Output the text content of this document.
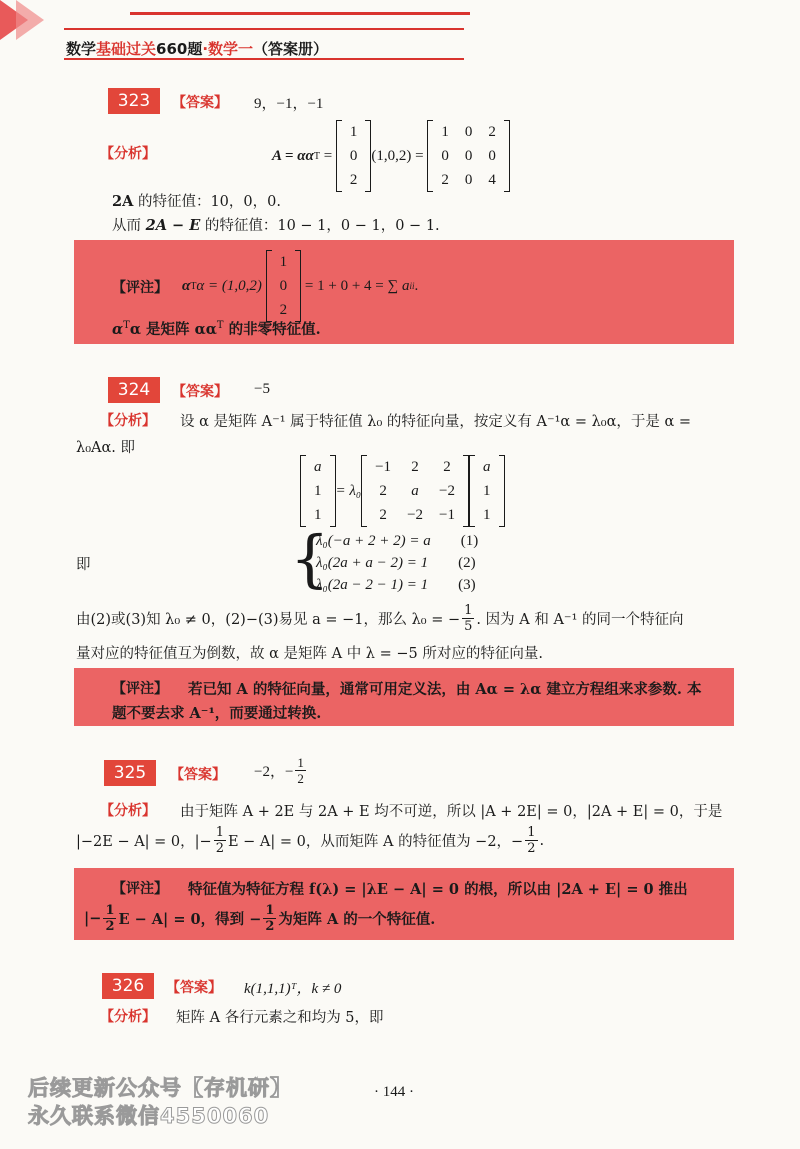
数学基础过关660题·数学一（答案册）
323	【答案】 9，−1，−1
【分析】	A = αα T =
1
0
2
(1,0,2) =
1	0	2
0	0	0
2	0	4
2A 的特征值：10，0，0.
从而 2A − E 的特征值：10 − 1，0 − 1，0 − 1.
【评注】 α T α = (1,0,2)

1
0
2

= 1 + 0 + 4 = ∑
a ii .
$\alpha^T\alpha$ 是矩阵 $\alpha\alpha^T$ 的非零特征值.
324	【答案】 −5
【分析】 设 α 是矩阵 A⁻¹ 属于特征值 λ₀ 的特征向量，按定义有 A⁻¹α = λ₀α，于是 α =
λ₀Aα. 即
a
1
1
= λ₀
−1	2	2
2	a	−2
2	−2	−1
a
1
1
即	{
λ₀(−a + 2 + 2) = a (1)
λ₀(2a + a − 2) = 1 (2)
λ₀(2a − 2 − 1) = 1 (3)
由(2)或(3)知 λ₀ ≠ 0，(2)−(3)易见 a = −1，那么 λ₀ = − $\frac{1}{5}$ . 因为 A 和 A⁻¹ 的同一个特征向
量对应的特征值互为倒数，故 α 是矩阵 A 中 λ = −5 所对应的特征向量.
【评注】 若已知 A 的特征向量，通常可用定义法，由 Aα = λα 建立方程组来求参数. 本
题不要去求 A⁻¹，而要通过转换.
325	【答案】 −2，− $\frac{1}{2}$
【分析】 由于矩阵 A + 2E 与 2A + E 均不可逆，所以 |A + 2E| = 0，|2A + E| = 0，于是
|−2E − A| = 0，|− $\frac{1}{2}$ E − A| = 0，从而矩阵 A 的特征值为 −2，− $\frac{1}{2}$ .
【评注】 特征值为特征方程 f(λ) = |λE − A| = 0 的根，所以由 |2A + E| = 0 推出
|− $\frac{1}{2}$ E − A| = 0，得到 − $\frac{1}{2}$ 为矩阵 A 的一个特征值.
326	【答案】 k(1,1,1)ᵀ，k ≠ 0
【分析】 矩阵 A 各行元素之和均为 5，即
· 144 ·
后续更新公众号【存机研】
永久联系微信4550060
